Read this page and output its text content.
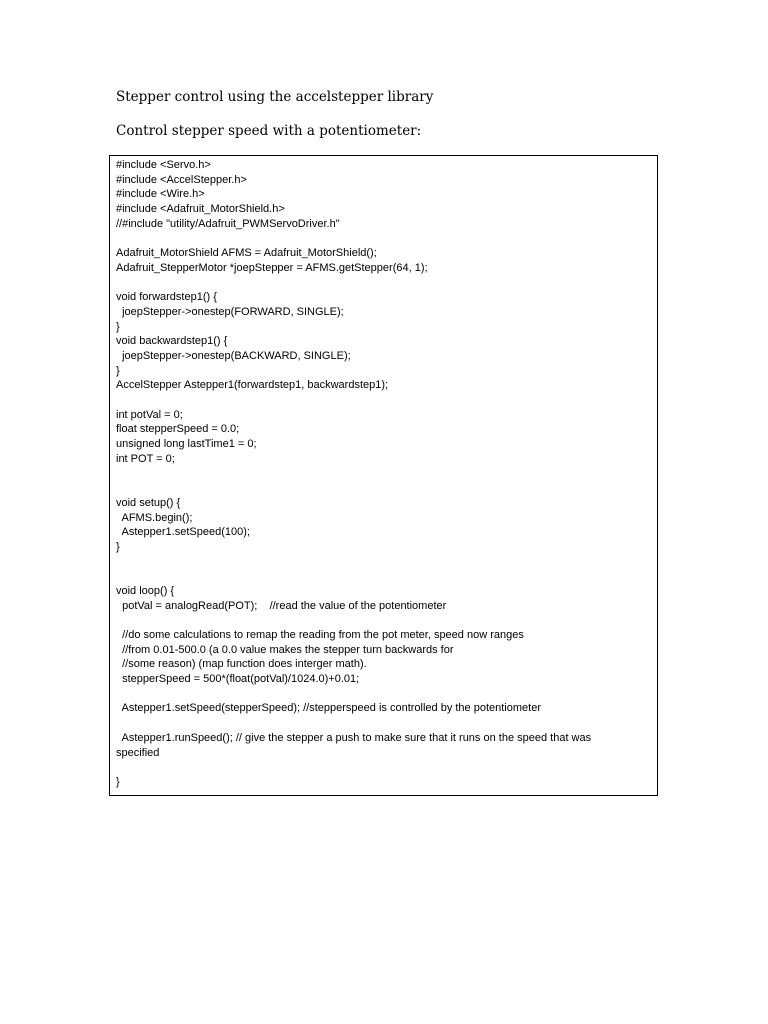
Stepper control using the accelstepper library
Control stepper speed with a potentiometer:
#include <Servo.h>
#include <AccelStepper.h>
#include <Wire.h>
#include <Adafruit_MotorShield.h>
//#include "utility/Adafruit_PWMServoDriver.h"
Adafruit_MotorShield AFMS = Adafruit_MotorShield();
Adafruit_StepperMotor *joepStepper = AFMS.getStepper(64, 1);
void forwardstep1() {
joepStepper->onestep(FORWARD, SINGLE);
}
void backwardstep1() {
joepStepper->onestep(BACKWARD, SINGLE);
}
AccelStepper Astepper1(forwardstep1, backwardstep1);
int potVal = 0;
float stepperSpeed = 0.0;
unsigned long lastTime1 = 0;
int POT = 0;
void setup() {
AFMS.begin();
Astepper1.setSpeed(100);
}
void loop() {
potVal = analogRead(POT);    //read the value of the potentiometer
//do some calculations to remap the reading from the pot meter, speed now ranges
//from 0.01-500.0 (a 0.0 value makes the stepper turn backwards for
//some reason) (map function does interger math).
stepperSpeed = 500*(float(potVal)/1024.0)+0.01;
Astepper1.setSpeed(stepperSpeed); //stepperspeed is controlled by the potentiometer
Astepper1.runSpeed(); // give the stepper a push to make sure that it runs on the speed that was
specified
}
